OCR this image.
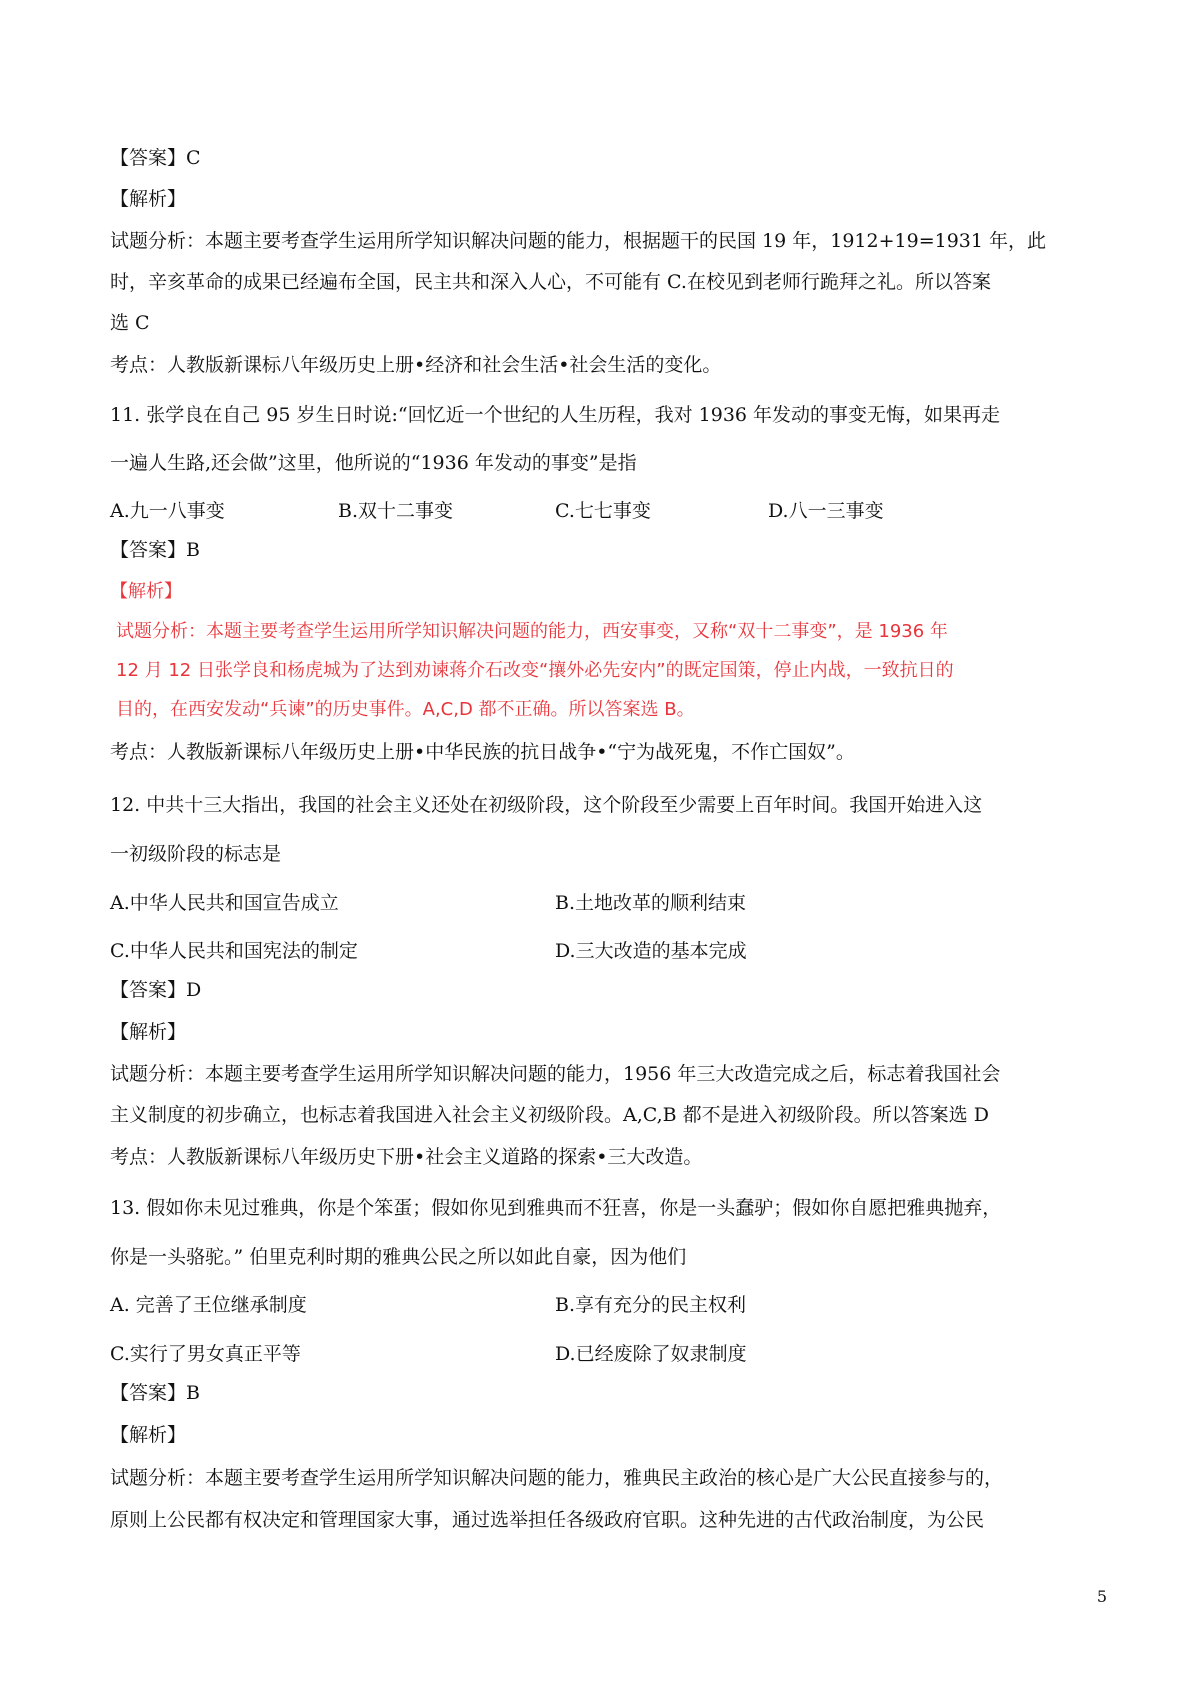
【答案】C
【解析】
试题分析：本题主要考查学生运用所学知识解决问题的能力，根据题干的民国 19 年，1912+19=1931 年，此
时，辛亥革命的成果已经遍布全国，民主共和深入人心，不可能有 C.在校见到老师行跪拜之礼。所以答案
选 C
考点：人教版新课标八年级历史上册•经济和社会生活•社会生活的变化。
11. 张学良在自己 95 岁生日时说:“回忆近一个世纪的人生历程，我对 1936 年发动的事变无悔，如果再走
一遍人生路,还会做”这里，他所说的“1936 年发动的事变”是指
A.九一八事变	B.双十二事变	C.七七事变	D.八一三事变
【答案】B
【解析】
试题分析：本题主要考查学生运用所学知识解决问题的能力，西安事变，又称“双十二事变”，是 1936 年
12 月 12 日张学良和杨虎城为了达到劝谏蒋介石改变“攘外必先安内”的既定国策，停止内战，一致抗日的
目的，在西安发动“兵谏”的历史事件。A,C,D 都不正确。所以答案选 B。
考点：人教版新课标八年级历史上册•中华民族的抗日战争•“宁为战死鬼，不作亡国奴”。
12. 中共十三大指出，我国的社会主义还处在初级阶段，这个阶段至少需要上百年时间。我国开始进入这
一初级阶段的标志是
A.中华人民共和国宣告成立	B.土地改革的顺利结束
C.中华人民共和国宪法的制定	D.三大改造的基本完成
【答案】D
【解析】
试题分析：本题主要考查学生运用所学知识解决问题的能力，1956 年三大改造完成之后，标志着我国社会
主义制度的初步确立，也标志着我国进入社会主义初级阶段。A,C,B 都不是进入初级阶段。所以答案选 D
考点：人教版新课标八年级历史下册•社会主义道路的探索•三大改造。
13. 假如你未见过雅典，你是个笨蛋；假如你见到雅典而不狂喜，你是一头蠢驴；假如你自愿把雅典抛弃，
你是一头骆驼。” 伯里克利时期的雅典公民之所以如此自豪，因为他们
A. 完善了王位继承制度	B.享有充分的民主权利
C.实行了男女真正平等	D.已经废除了奴隶制度
【答案】B
【解析】
试题分析：本题主要考查学生运用所学知识解决问题的能力，雅典民主政治的核心是广大公民直接参与的，
原则上公民都有权决定和管理国家大事，通过选举担任各级政府官职。这种先进的古代政治制度，为公民
5
